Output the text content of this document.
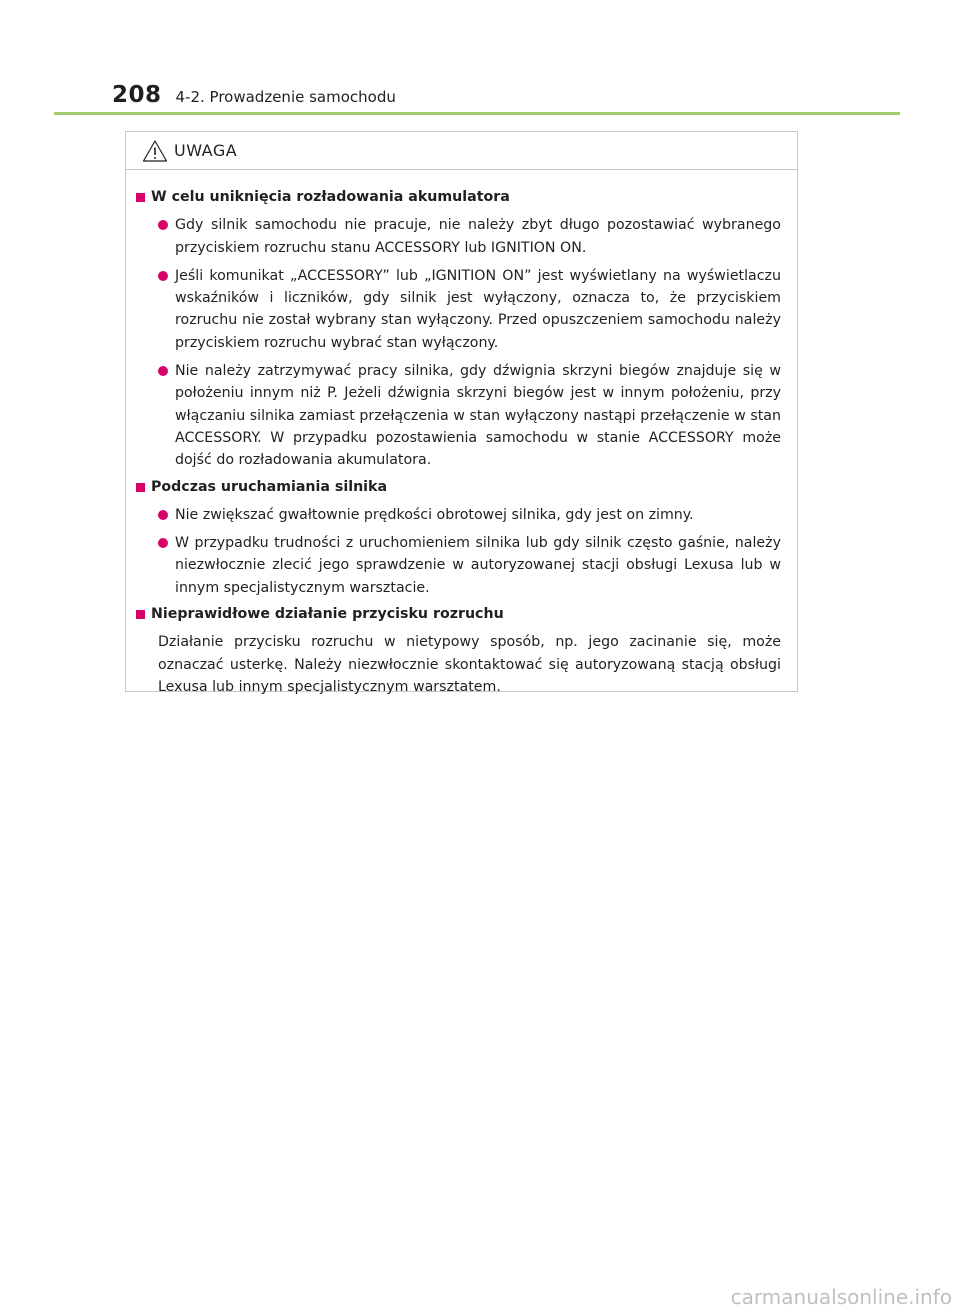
208 4-2. Prowadzenie samochodu
UWAGA
W celu uniknięcia rozładowania akumulatora
Gdy silnik samochodu nie pracuje, nie należy zbyt długo pozostawiać wybranego przyciskiem rozruchu stanu ACCESSORY lub IGNITION ON.
Jeśli komunikat „ACCESSORY” lub „IGNITION ON” jest wyświetlany na wyświetlaczu wskaźników i liczników, gdy silnik jest wyłączony, oznacza to, że przyciskiem rozruchu nie został wybrany stan wyłączony. Przed opuszczeniem samochodu należy przyciskiem rozruchu wybrać stan wyłączony.
Nie należy zatrzymywać pracy silnika, gdy dźwignia skrzyni biegów znajduje się w położeniu innym niż P. Jeżeli dźwignia skrzyni biegów jest w innym położeniu, przy włączaniu silnika zamiast przełączenia w stan wyłączony nastąpi przełączenie w stan ACCESSORY. W przypadku pozostawienia samochodu w stanie ACCESSORY może dojść do rozładowania akumulatora.
Podczas uruchamiania silnika
Nie zwiększać gwałtownie prędkości obrotowej silnika, gdy jest on zimny.
W przypadku trudności z uruchomieniem silnika lub gdy silnik często gaśnie, należy niezwłocznie zlecić jego sprawdzenie w autoryzowanej stacji obsługi Lexusa lub w innym specjalistycznym warsztacie.
Nieprawidłowe działanie przycisku rozruchu
Działanie przycisku rozruchu w nietypowy sposób, np. jego zacinanie się, może oznaczać usterkę. Należy niezwłocznie skontaktować się autoryzowaną stacją obsługi Lexusa lub innym specjalistycznym warsztatem.
carmanualsonline.info
